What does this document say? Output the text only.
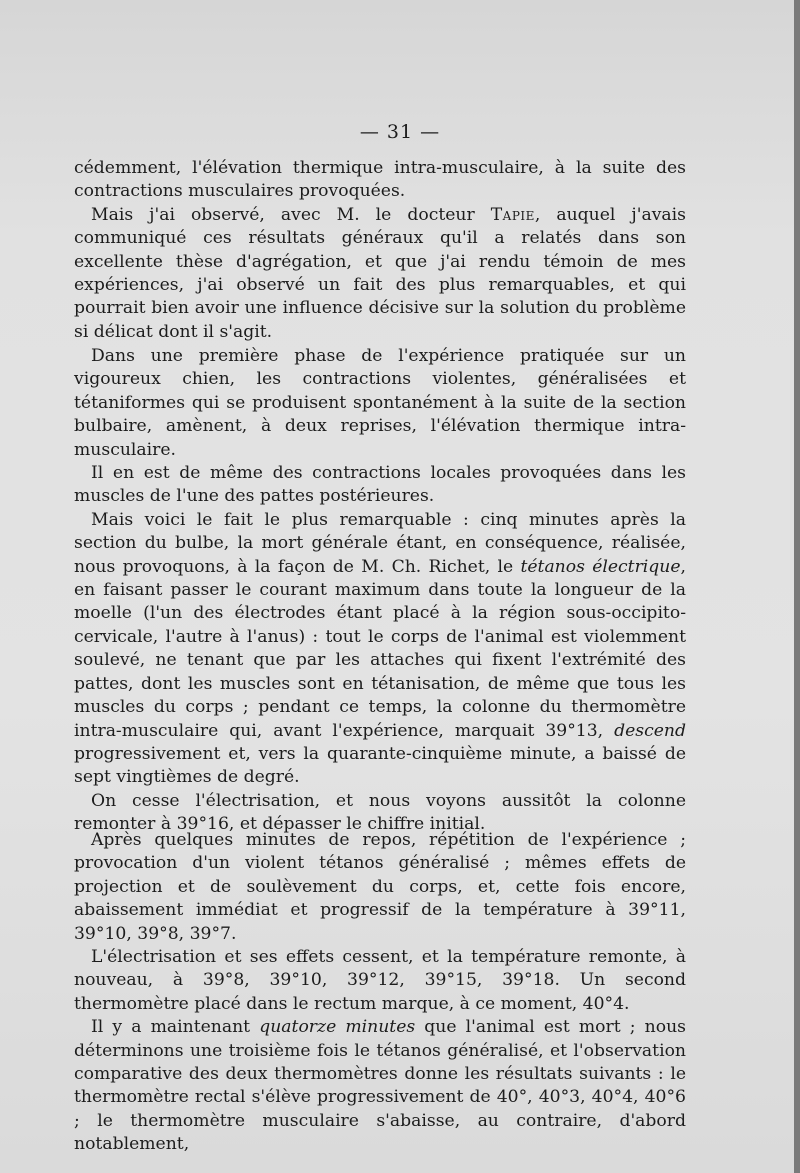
— 31 —

cédemment, l'élévation thermique intra-musculaire, à la suite des contractions musculaires provoquées.

Mais j'ai observé, avec M. le docteur Tapie, auquel j'avais communiqué ces résultats généraux qu'il a relatés dans son excellente thèse d'agrégation, et que j'ai rendu témoin de mes expériences, j'ai observé un fait des plus remarquables, et qui pourrait bien avoir une influence décisive sur la solution du problème si délicat dont il s'agit.

Dans une première phase de l'expérience pratiquée sur un vigoureux chien, les contractions violentes, généralisées et tétaniformes qui se produisent spontanément à la suite de la section bulbaire, amènent, à deux reprises, l'élévation thermique intra-musculaire.

Il en est de même des contractions locales provoquées dans les muscles de l'une des pattes postérieures.

Mais voici le fait le plus remarquable : cinq minutes après la section du bulbe, la mort générale étant, en conséquence, réalisée, nous provoquons, à la façon de M. Ch. Richet, le tétanos électrique, en faisant passer le courant maximum dans toute la longueur de la moelle (l'un des électrodes étant placé à la région sous-occipito-cervicale, l'autre à l'anus) : tout le corps de l'animal est violemment soulevé, ne tenant que par les attaches qui fixent l'extrémité des pattes, dont les muscles sont en tétanisation, de même que tous les muscles du corps ; pendant ce temps, la colonne du thermomètre intra-musculaire qui, avant l'expérience, marquait 39°13, descend progressivement et, vers la quarante-cinquième minute, a baissé de sept vingtièmes de degré.

On cesse l'électrisation, et nous voyons aussitôt la colonne remonter à 39°16, et dépasser le chiffre initial.

Après quelques minutes de repos, répétition de l'expérience ; provocation d'un violent tétanos généralisé ; mêmes effets de projection et de soulèvement du corps, et, cette fois encore, abaissement immédiat et progressif de la température à 39°11, 39°10, 39°8, 39°7.

L'électrisation et ses effets cessent, et la température remonte, à nouveau, à 39°8, 39°10, 39°12, 39°15, 39°18. Un second thermomètre placé dans le rectum marque, à ce moment, 40°4.

Il y a maintenant quatorze minutes que l'animal est mort ; nous déterminons une troisième fois le tétanos généralisé, et l'observation comparative des deux thermomètres donne les résultats suivants : le thermomètre rectal s'élève progressivement de 40°, 40°3, 40°4, 40°6 ; le thermomètre musculaire s'abaisse, au contraire, d'abord notablement,
